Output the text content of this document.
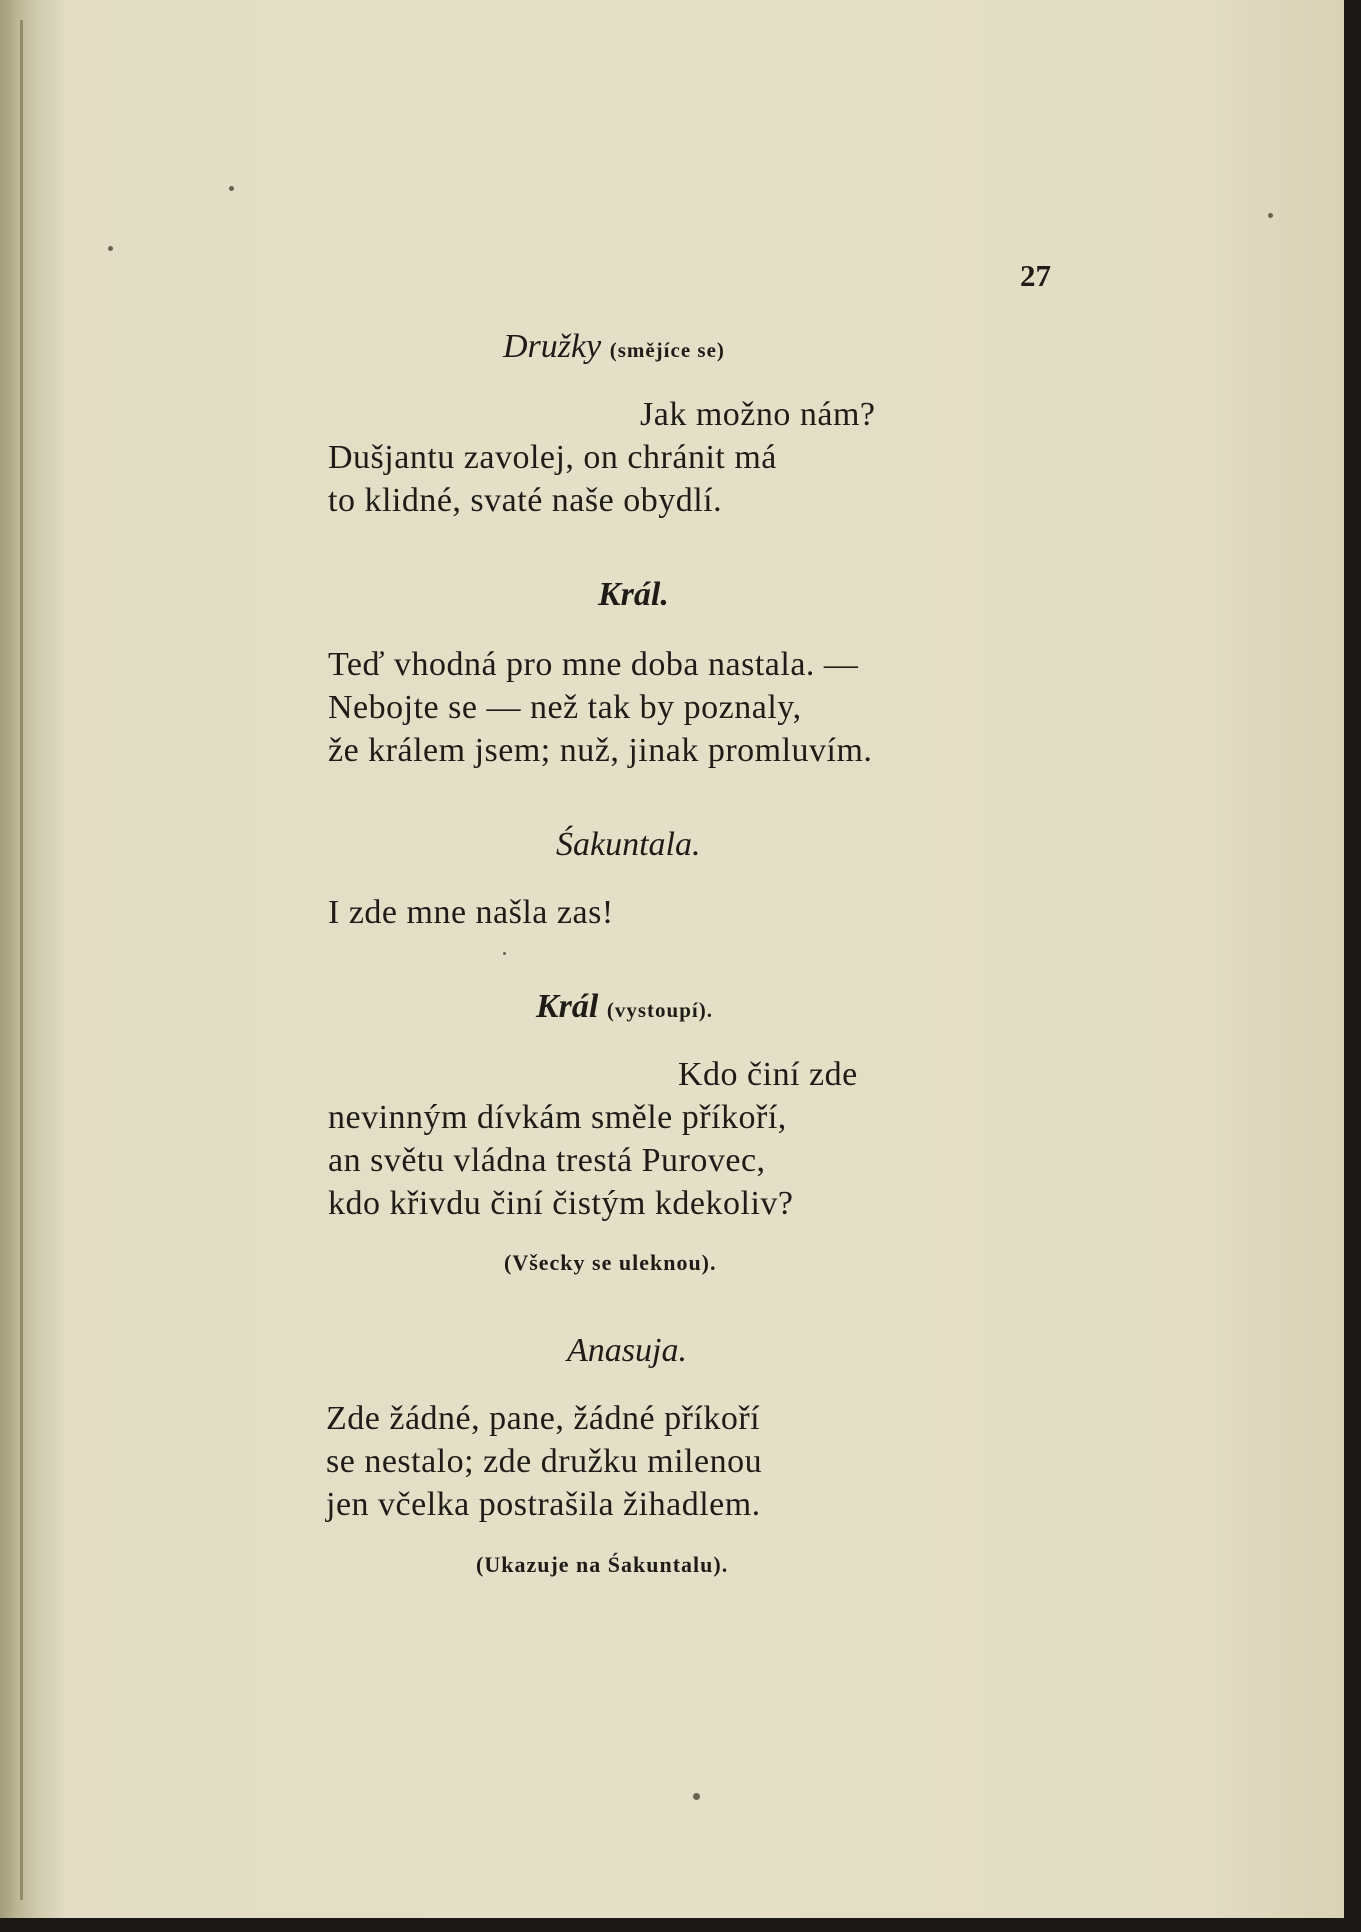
27
Družky (smějíce se)
Jak možno nám?
Dušjantu zavolej, on chránit má
to klidné, svaté naše obydlí.
Král.
Teď vhodná pro mne doba nastala. —
Nebojte se — než tak by poznaly,
že králem jsem; nuž, jinak promluvím.
Śakuntala.
I zde mne našla zas!
Král (vystoupí).
Kdo činí zde
nevinným dívkám směle příkoří,
an světu vládna trestá Purovec,
kdo křivdu činí čistým kdekoliv?
(Všecky se uleknou).
Anasuja.
Zde žádné, pane, žádné příkoří
se nestalo; zde družku milenou
jen včelka postrašila žihadlem.
(Ukazuje na Śakuntalu).
